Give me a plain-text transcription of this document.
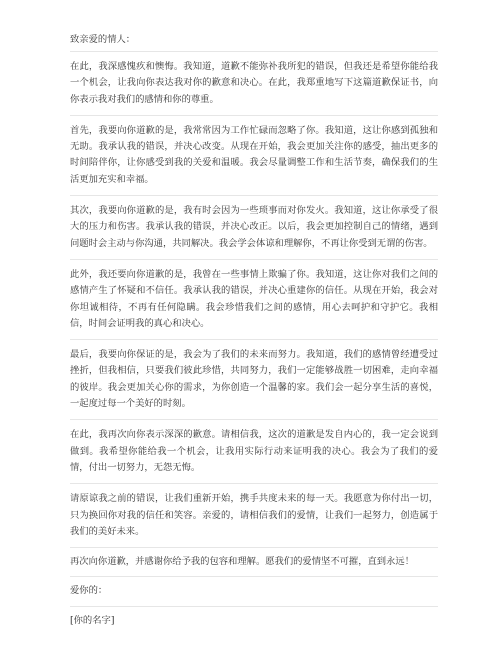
致亲爱的情人：

在此，我深感愧疚和懊悔。我知道，道歉不能弥补我所犯的错误，但我还是希望你能给我一个机会，让我向你表达我对你的歉意和决心。在此，我郑重地写下这篇道歉保证书，向你表示我对我们的感情和你的尊重。

首先，我要向你道歉的是，我常常因为工作忙碌而忽略了你。我知道，这让你感到孤独和无助。我承认我的错误，并决心改变。从现在开始，我会更加关注你的感受，抽出更多的时间陪伴你，让你感受到我的关爱和温暖。我会尽量调整工作和生活节奏，确保我们的生活更加充实和幸福。

其次，我要向你道歉的是，我有时会因为一些琐事而对你发火。我知道，这让你承受了很大的压力和伤害。我承认我的错误，并决心改正。以后，我会更加控制自己的情绪，遇到问题时会主动与你沟通，共同解决。我会学会体谅和理解你，不再让你受到无谓的伤害。

此外，我还要向你道歉的是，我曾在一些事情上欺骗了你。我知道，这让你对我们之间的感情产生了怀疑和不信任。我承认我的错误，并决心重建你的信任。从现在开始，我会对你坦诚相待，不再有任何隐瞒。我会珍惜我们之间的感情，用心去呵护和守护它。我相信，时间会证明我的真心和决心。

最后，我要向你保证的是，我会为了我们的未来而努力。我知道，我们的感情曾经遭受过挫折，但我相信，只要我们彼此珍惜，共同努力，我们一定能够战胜一切困难，走向幸福的彼岸。我会更加关心你的需求，为你创造一个温馨的家。我们会一起分享生活的喜悦，一起度过每一个美好的时刻。

在此，我再次向你表示深深的歉意。请相信我，这次的道歉是发自内心的，我一定会说到做到。我希望你能给我一个机会，让我用实际行动来证明我的决心。我会为了我们的爱情，付出一切努力，无怨无悔。

请原谅我之前的错误，让我们重新开始，携手共度未来的每一天。我愿意为你付出一切，只为换回你对我的信任和笑容。亲爱的，请相信我们的爱情，让我们一起努力，创造属于我们的美好未来。

再次向你道歉，并感谢你给予我的包容和理解。愿我们的爱情坚不可摧，直到永远！

爱你的：

[你的名字]
